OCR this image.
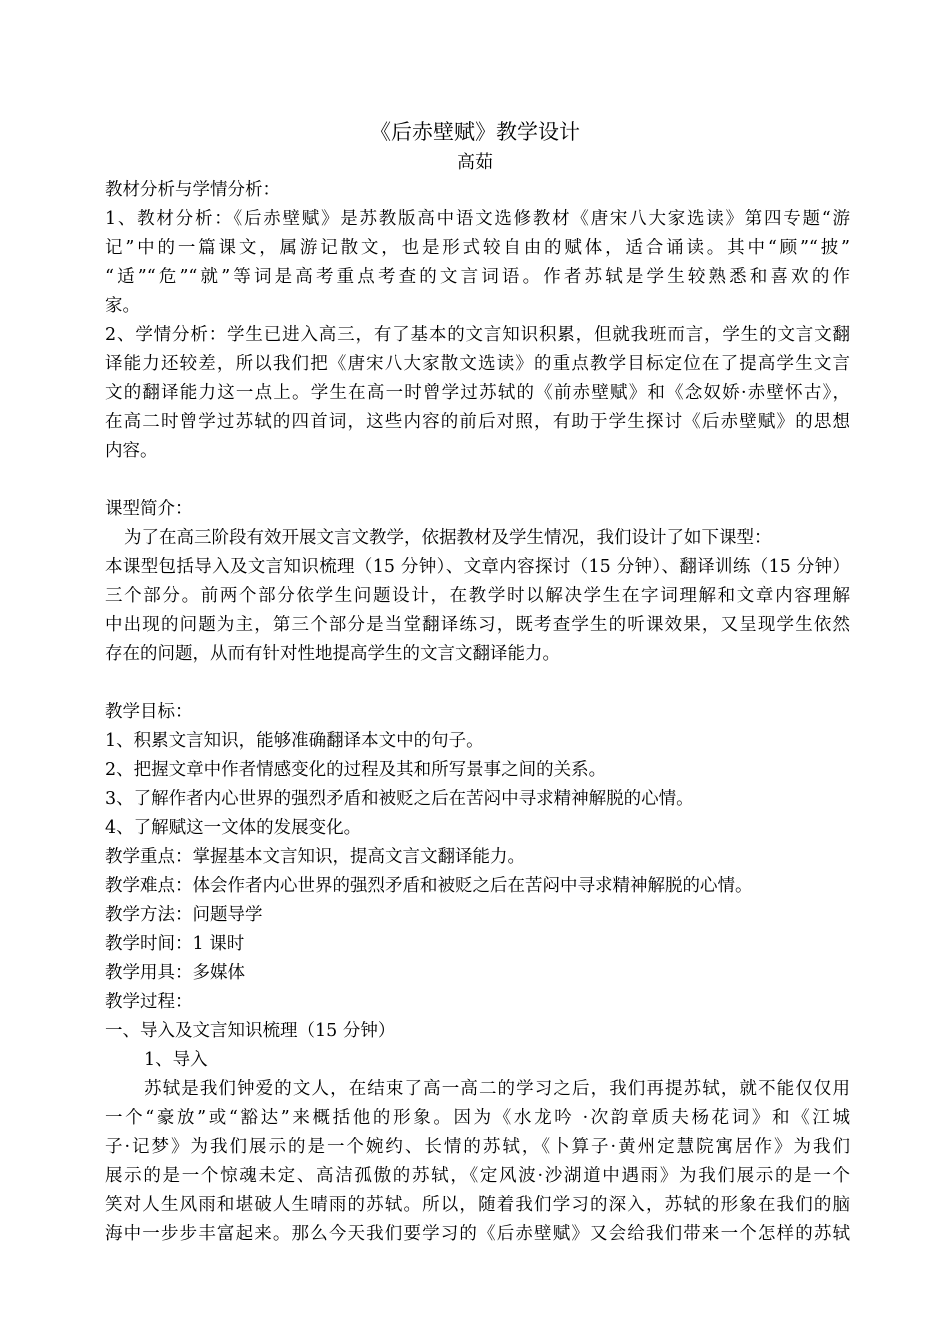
《后赤壁赋》教学设计
高茹
教材分析与学情分析：
1、教材分析：《后赤壁赋》是苏教版高中语文选修教材《唐宋八大家选读》第四专题“游
记”中的一篇课文，属游记散文，也是形式较自由的赋体，适合诵读。其中“顾”“披”
“适”“危”“就”等词是高考重点考查的文言词语。作者苏轼是学生较熟悉和喜欢的作
家。
2、学情分析：学生已进入高三，有了基本的文言知识积累，但就我班而言，学生的文言文翻
译能力还较差，所以我们把《唐宋八大家散文选读》的重点教学目标定位在了提高学生文言
文的翻译能力这一点上。学生在高一时曾学过苏轼的《前赤壁赋》和《念奴娇·赤壁怀古》，
在高二时曾学过苏轼的四首词，这些内容的前后对照，有助于学生探讨《后赤壁赋》的思想
内容。
课型简介：
为了在高三阶段有效开展文言文教学，依据教材及学生情况，我们设计了如下课型：
本课型包括导入及文言知识梳理（15 分钟）、文章内容探讨（15 分钟）、翻译训练（15 分钟）
三个部分。前两个部分依学生问题设计，在教学时以解决学生在字词理解和文章内容理解
中出现的问题为主，第三个部分是当堂翻译练习，既考查学生的听课效果，又呈现学生依然
存在的问题，从而有针对性地提高学生的文言文翻译能力。
教学目标：
1、积累文言知识，能够准确翻译本文中的句子。
2、把握文章中作者情感变化的过程及其和所写景事之间的关系。
3、了解作者内心世界的强烈矛盾和被贬之后在苦闷中寻求精神解脱的心情。
4、了解赋这一文体的发展变化。
教学重点：掌握基本文言知识，提高文言文翻译能力。
教学难点：体会作者内心世界的强烈矛盾和被贬之后在苦闷中寻求精神解脱的心情。
教学方法：问题导学
教学时间：1 课时
教学用具：多媒体
教学过程：
一、导入及文言知识梳理（15 分钟）
1、导入
苏轼是我们钟爱的文人，在结束了高一高二的学习之后，我们再提苏轼，就不能仅仅用
一个“豪放”或“豁达”来概括他的形象。因为《水龙吟 ·次韵章质夫杨花词》和《江城
子·记梦》为我们展示的是一个婉约、长情的苏轼，《卜算子·黄州定慧院寓居作》为我们
展示的是一个惊魂未定、高洁孤傲的苏轼，《定风波·沙湖道中遇雨》为我们展示的是一个
笑对人生风雨和堪破人生晴雨的苏轼。所以，随着我们学习的深入，苏轼的形象在我们的脑
海中一步步丰富起来。那么今天我们要学习的《后赤壁赋》又会给我们带来一个怎样的苏轼
